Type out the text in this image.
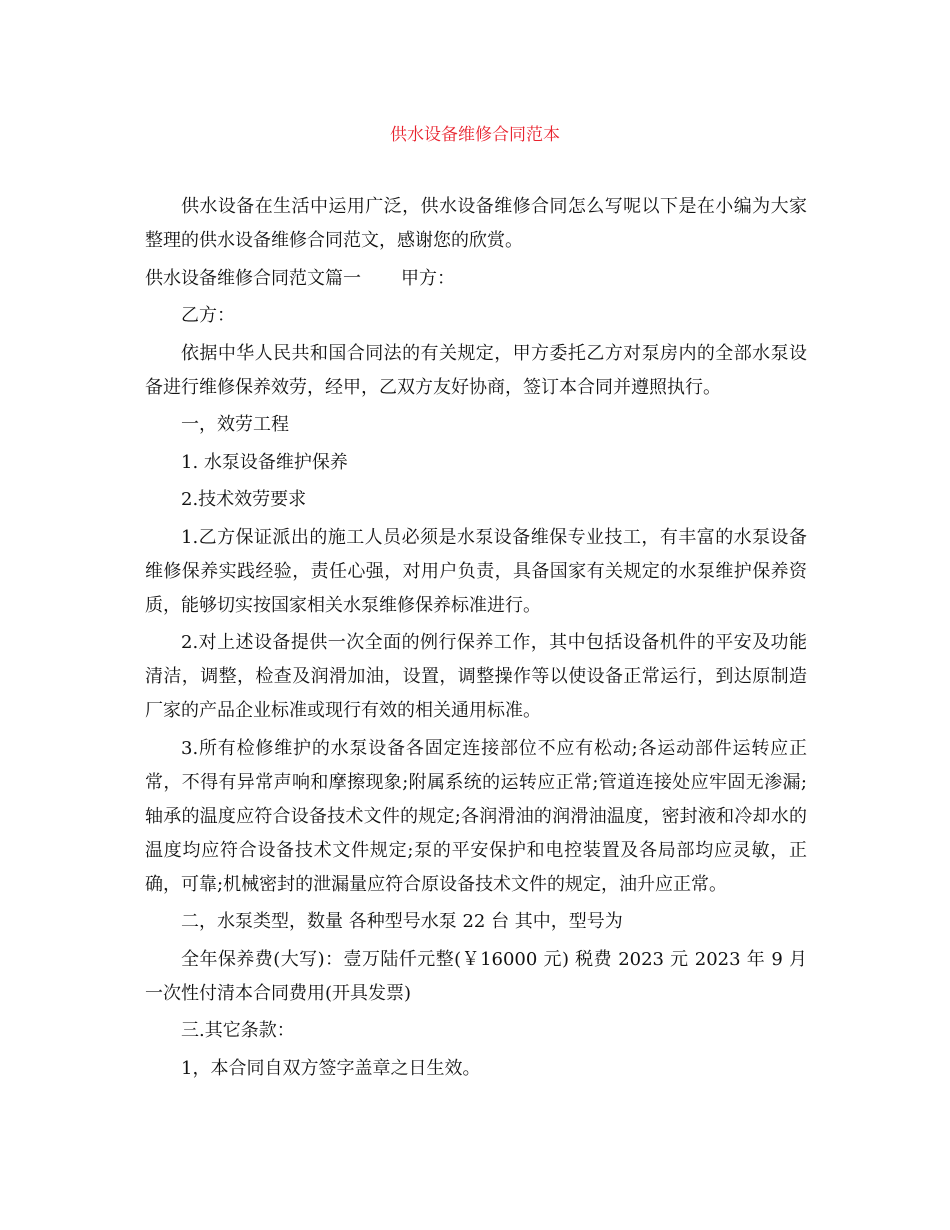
供水设备维修合同范本

供水设备在生活中运用广泛，供水设备维修合同怎么写呢以下是在小编为大家整理的供水设备维修合同范文，感谢您的欣赏。

供水设备维修合同范文篇一 甲方：

乙方：

依据中华人民共和国合同法的有关规定，甲方委托乙方对泵房内的全部水泵设备进行维修保养效劳，经甲，乙双方友好协商，签订本合同并遵照执行。

一，效劳工程

1. 水泵设备维护保养

2.技术效劳要求

1.乙方保证派出的施工人员必须是水泵设备维保专业技工，有丰富的水泵设备维修保养实践经验，责任心强，对用户负责，具备国家有关规定的水泵维护保养资质，能够切实按国家相关水泵维修保养标准进行。

2.对上述设备提供一次全面的例行保养工作，其中包括设备机件的平安及功能清洁，调整，检查及润滑加油，设置，调整操作等以使设备正常运行，到达原制造厂家的产品企业标准或现行有效的相关通用标准。

3.所有检修维护的水泵设备各固定连接部位不应有松动;各运动部件运转应正常，不得有异常声响和摩擦现象;附属系统的运转应正常;管道连接处应牢固无渗漏;轴承的温度应符合设备技术文件的规定;各润滑油的润滑油温度，密封液和冷却水的温度均应符合设备技术文件规定;泵的平安保护和电控装置及各局部均应灵敏，正确，可靠;机械密封的泄漏量应符合原设备技术文件的规定，油升应正常。

二，水泵类型，数量 各种型号水泵 22 台 其中，型号为

全年保养费(大写)：壹万陆仟元整(￥16000 元) 税费 2023 元 2023 年 9 月一次性付清本合同费用(开具发票)

三.其它条款：

1，本合同自双方签字盖章之日生效。
